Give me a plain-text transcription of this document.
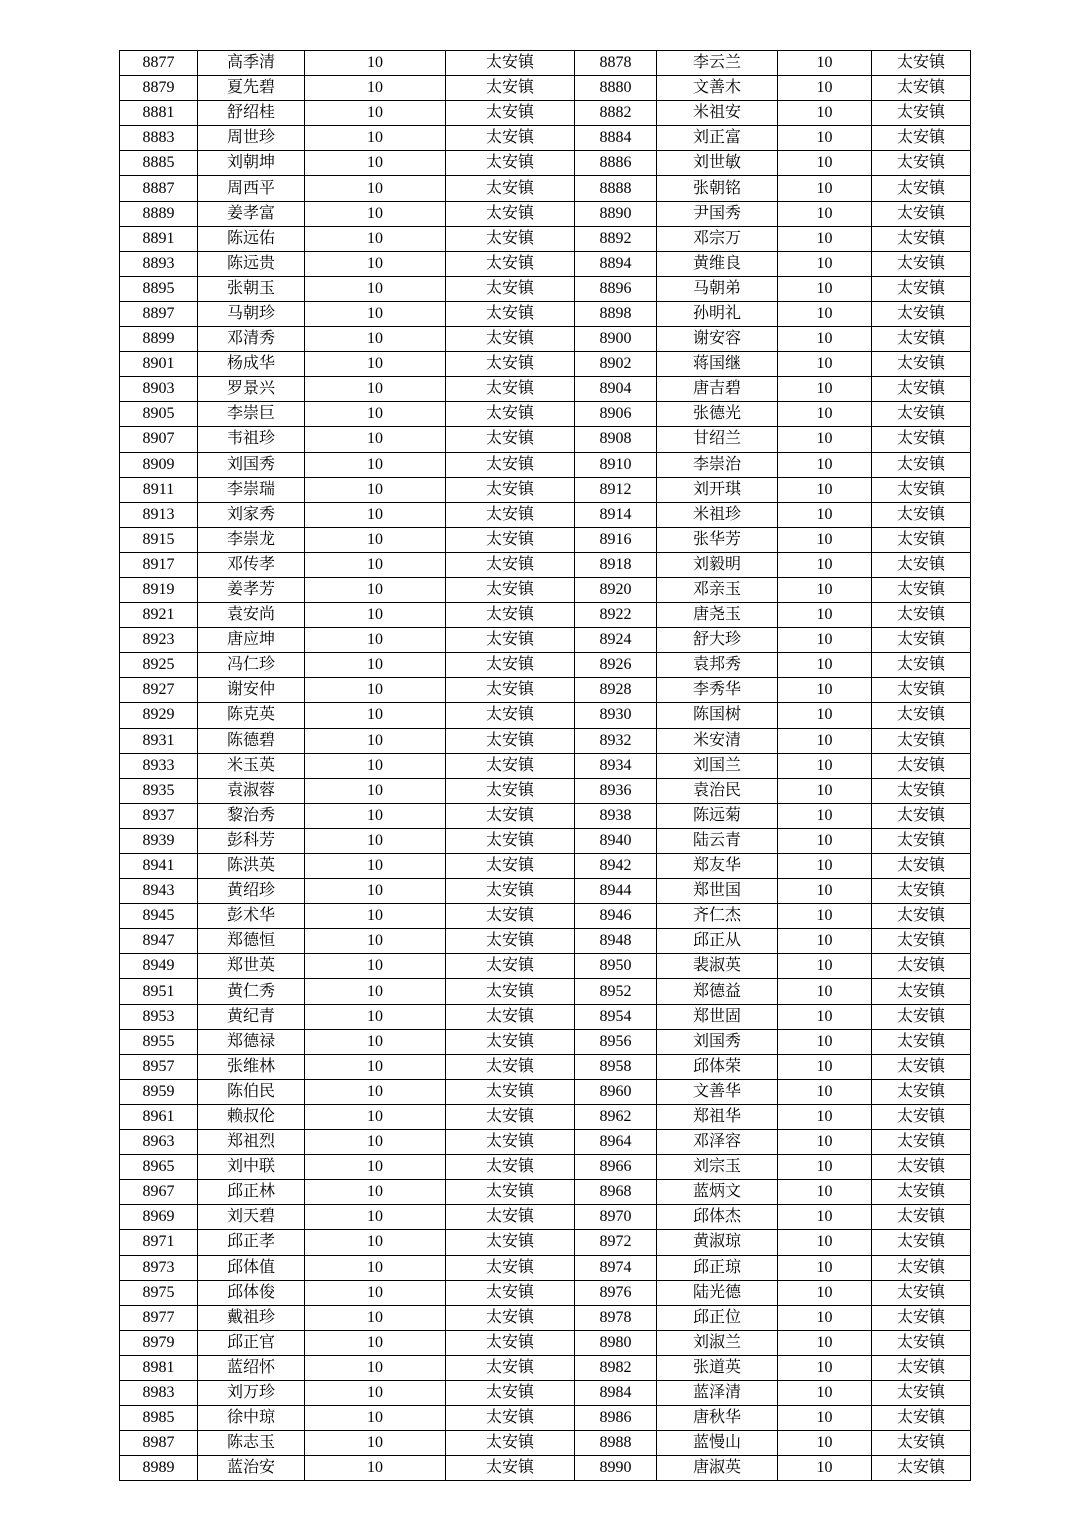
8877	高季清	10	太安镇	8878	李云兰	10	太安镇
8879	夏先碧	10	太安镇	8880	文善木	10	太安镇
8881	舒绍桂	10	太安镇	8882	米祖安	10	太安镇
8883	周世珍	10	太安镇	8884	刘正富	10	太安镇
8885	刘朝坤	10	太安镇	8886	刘世敏	10	太安镇
8887	周西平	10	太安镇	8888	张朝铭	10	太安镇
8889	姜孝富	10	太安镇	8890	尹国秀	10	太安镇
8891	陈远佑	10	太安镇	8892	邓宗万	10	太安镇
8893	陈远贵	10	太安镇	8894	黄维良	10	太安镇
8895	张朝玉	10	太安镇	8896	马朝弟	10	太安镇
8897	马朝珍	10	太安镇	8898	孙明礼	10	太安镇
8899	邓清秀	10	太安镇	8900	谢安容	10	太安镇
8901	杨成华	10	太安镇	8902	蒋国继	10	太安镇
8903	罗景兴	10	太安镇	8904	唐吉碧	10	太安镇
8905	李崇巨	10	太安镇	8906	张德光	10	太安镇
8907	韦祖珍	10	太安镇	8908	甘绍兰	10	太安镇
8909	刘国秀	10	太安镇	8910	李崇治	10	太安镇
8911	李崇瑞	10	太安镇	8912	刘开琪	10	太安镇
8913	刘家秀	10	太安镇	8914	米祖珍	10	太安镇
8915	李崇龙	10	太安镇	8916	张华芳	10	太安镇
8917	邓传孝	10	太安镇	8918	刘毅明	10	太安镇
8919	姜孝芳	10	太安镇	8920	邓亲玉	10	太安镇
8921	袁安尚	10	太安镇	8922	唐尧玉	10	太安镇
8923	唐应坤	10	太安镇	8924	舒大珍	10	太安镇
8925	冯仁珍	10	太安镇	8926	袁邦秀	10	太安镇
8927	谢安仲	10	太安镇	8928	李秀华	10	太安镇
8929	陈克英	10	太安镇	8930	陈国树	10	太安镇
8931	陈德碧	10	太安镇	8932	米安清	10	太安镇
8933	米玉英	10	太安镇	8934	刘国兰	10	太安镇
8935	袁淑蓉	10	太安镇	8936	袁治民	10	太安镇
8937	黎治秀	10	太安镇	8938	陈远菊	10	太安镇
8939	彭科芳	10	太安镇	8940	陆云青	10	太安镇
8941	陈洪英	10	太安镇	8942	郑友华	10	太安镇
8943	黄绍珍	10	太安镇	8944	郑世国	10	太安镇
8945	彭术华	10	太安镇	8946	齐仁杰	10	太安镇
8947	郑德恒	10	太安镇	8948	邱正从	10	太安镇
8949	郑世英	10	太安镇	8950	裴淑英	10	太安镇
8951	黄仁秀	10	太安镇	8952	郑德益	10	太安镇
8953	黄纪青	10	太安镇	8954	郑世固	10	太安镇
8955	郑德禄	10	太安镇	8956	刘国秀	10	太安镇
8957	张维林	10	太安镇	8958	邱体荣	10	太安镇
8959	陈伯民	10	太安镇	8960	文善华	10	太安镇
8961	赖叔伦	10	太安镇	8962	郑祖华	10	太安镇
8963	郑祖烈	10	太安镇	8964	邓泽容	10	太安镇
8965	刘中联	10	太安镇	8966	刘宗玉	10	太安镇
8967	邱正林	10	太安镇	8968	蓝炳文	10	太安镇
8969	刘天碧	10	太安镇	8970	邱体杰	10	太安镇
8971	邱正孝	10	太安镇	8972	黄淑琼	10	太安镇
8973	邱体值	10	太安镇	8974	邱正琼	10	太安镇
8975	邱体俊	10	太安镇	8976	陆光德	10	太安镇
8977	戴祖珍	10	太安镇	8978	邱正位	10	太安镇
8979	邱正官	10	太安镇	8980	刘淑兰	10	太安镇
8981	蓝绍怀	10	太安镇	8982	张道英	10	太安镇
8983	刘万珍	10	太安镇	8984	蓝泽清	10	太安镇
8985	徐中琼	10	太安镇	8986	唐秋华	10	太安镇
8987	陈志玉	10	太安镇	8988	蓝慢山	10	太安镇
8989	蓝治安	10	太安镇	8990	唐淑英	10	太安镇
